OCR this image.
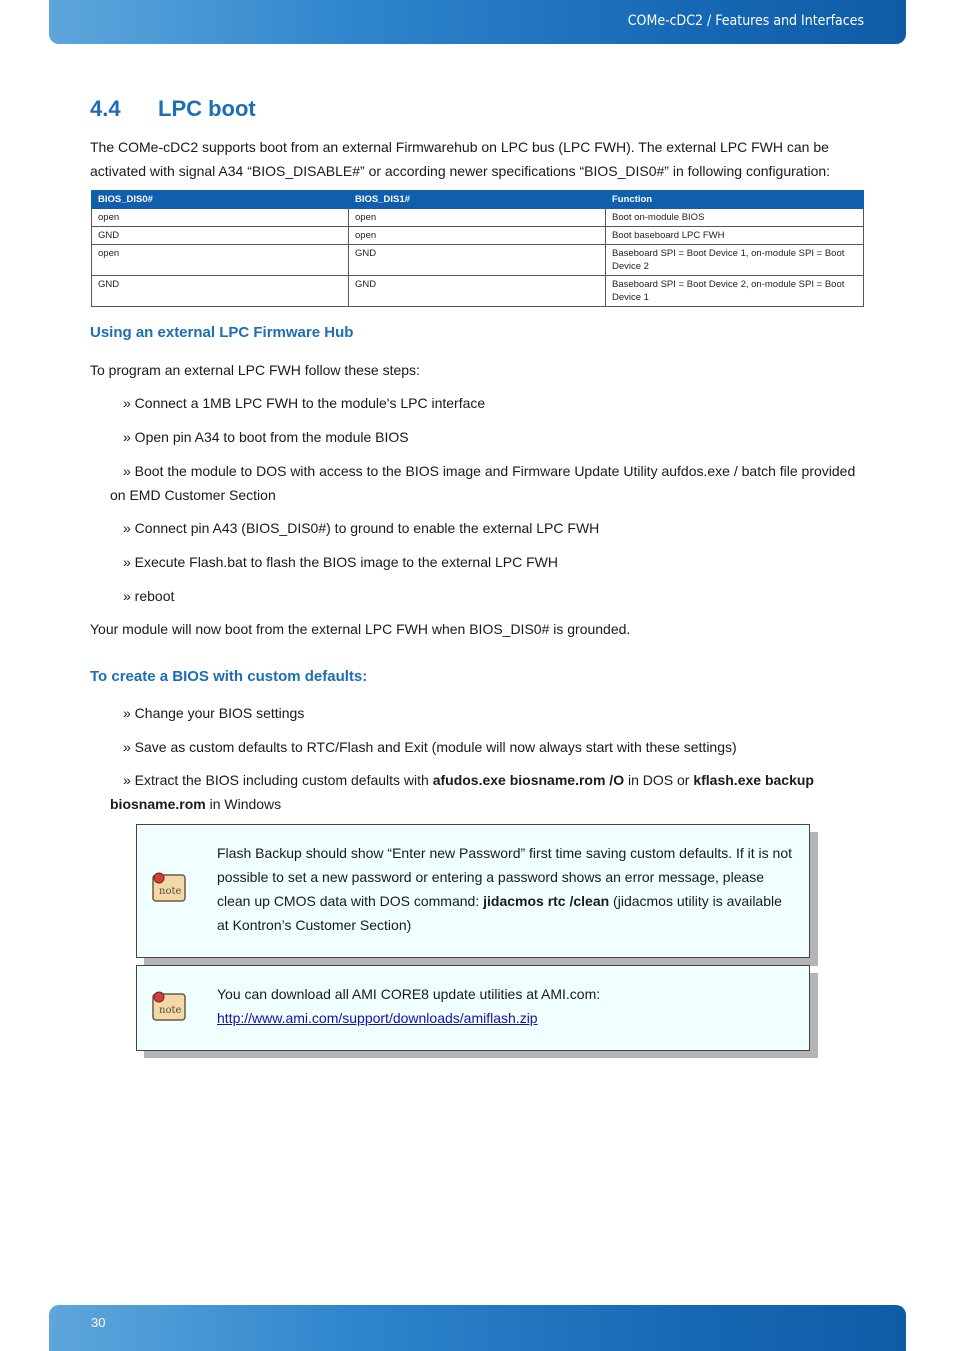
COMe-cDC2 / Features and Interfaces
4.4 LPC boot

The COMe-cDC2 supports boot from an external Firmwarehub on LPC bus (LPC FWH). The external LPC FWH can be activated with signal A34 “BIOS_DISABLE#” or according newer specifications “BIOS_DIS0#” in following configuration:

BIOS_DIS0#	BIOS_DIS1#	Function
open	open	Boot on-module BIOS
GND	open	Boot baseboard LPC FWH
open	GND	Baseboard SPI = Boot Device 1, on-module SPI = Boot Device 2
GND	GND	Baseboard SPI = Boot Device 2, on-module SPI = Boot Device 1
Using an external LPC Firmware Hub

To program an external LPC FWH follow these steps:

» Connect a 1MB LPC FWH to the module's LPC interface

» Open pin A34 to boot from the module BIOS

» Boot the module to DOS with access to the BIOS image and Firmware Update Utility aufdos.exe / batch file provided on EMD Customer Section

» Connect pin A43 (BIOS_DIS0#) to ground to enable the external LPC FWH

» Execute Flash.bat to flash the BIOS image to the external LPC FWH

» reboot

Your module will now boot from the external LPC FWH when BIOS_DIS0# is grounded.

To create a BIOS with custom defaults:

» Change your BIOS settings

» Save as custom defaults to RTC/Flash and Exit (module will now always start with these settings)

» Extract the BIOS including custom defaults with afudos.exe biosname.rom /O in DOS or kflash.exe backup biosname.rom in Windows

note

Flash Backup should show “Enter new Password” first time saving custom defaults. If it is not possible to set a new password or entering a password shows an error message, please clean up CMOS data with DOS command: jidacmos rtc /clean (jidacmos utility is available at Kontron’s Customer Section)

note

You can download all AMI CORE8 update utilities at AMI.com:
http://www.ami.com/support/downloads/amiflash.zip

30
